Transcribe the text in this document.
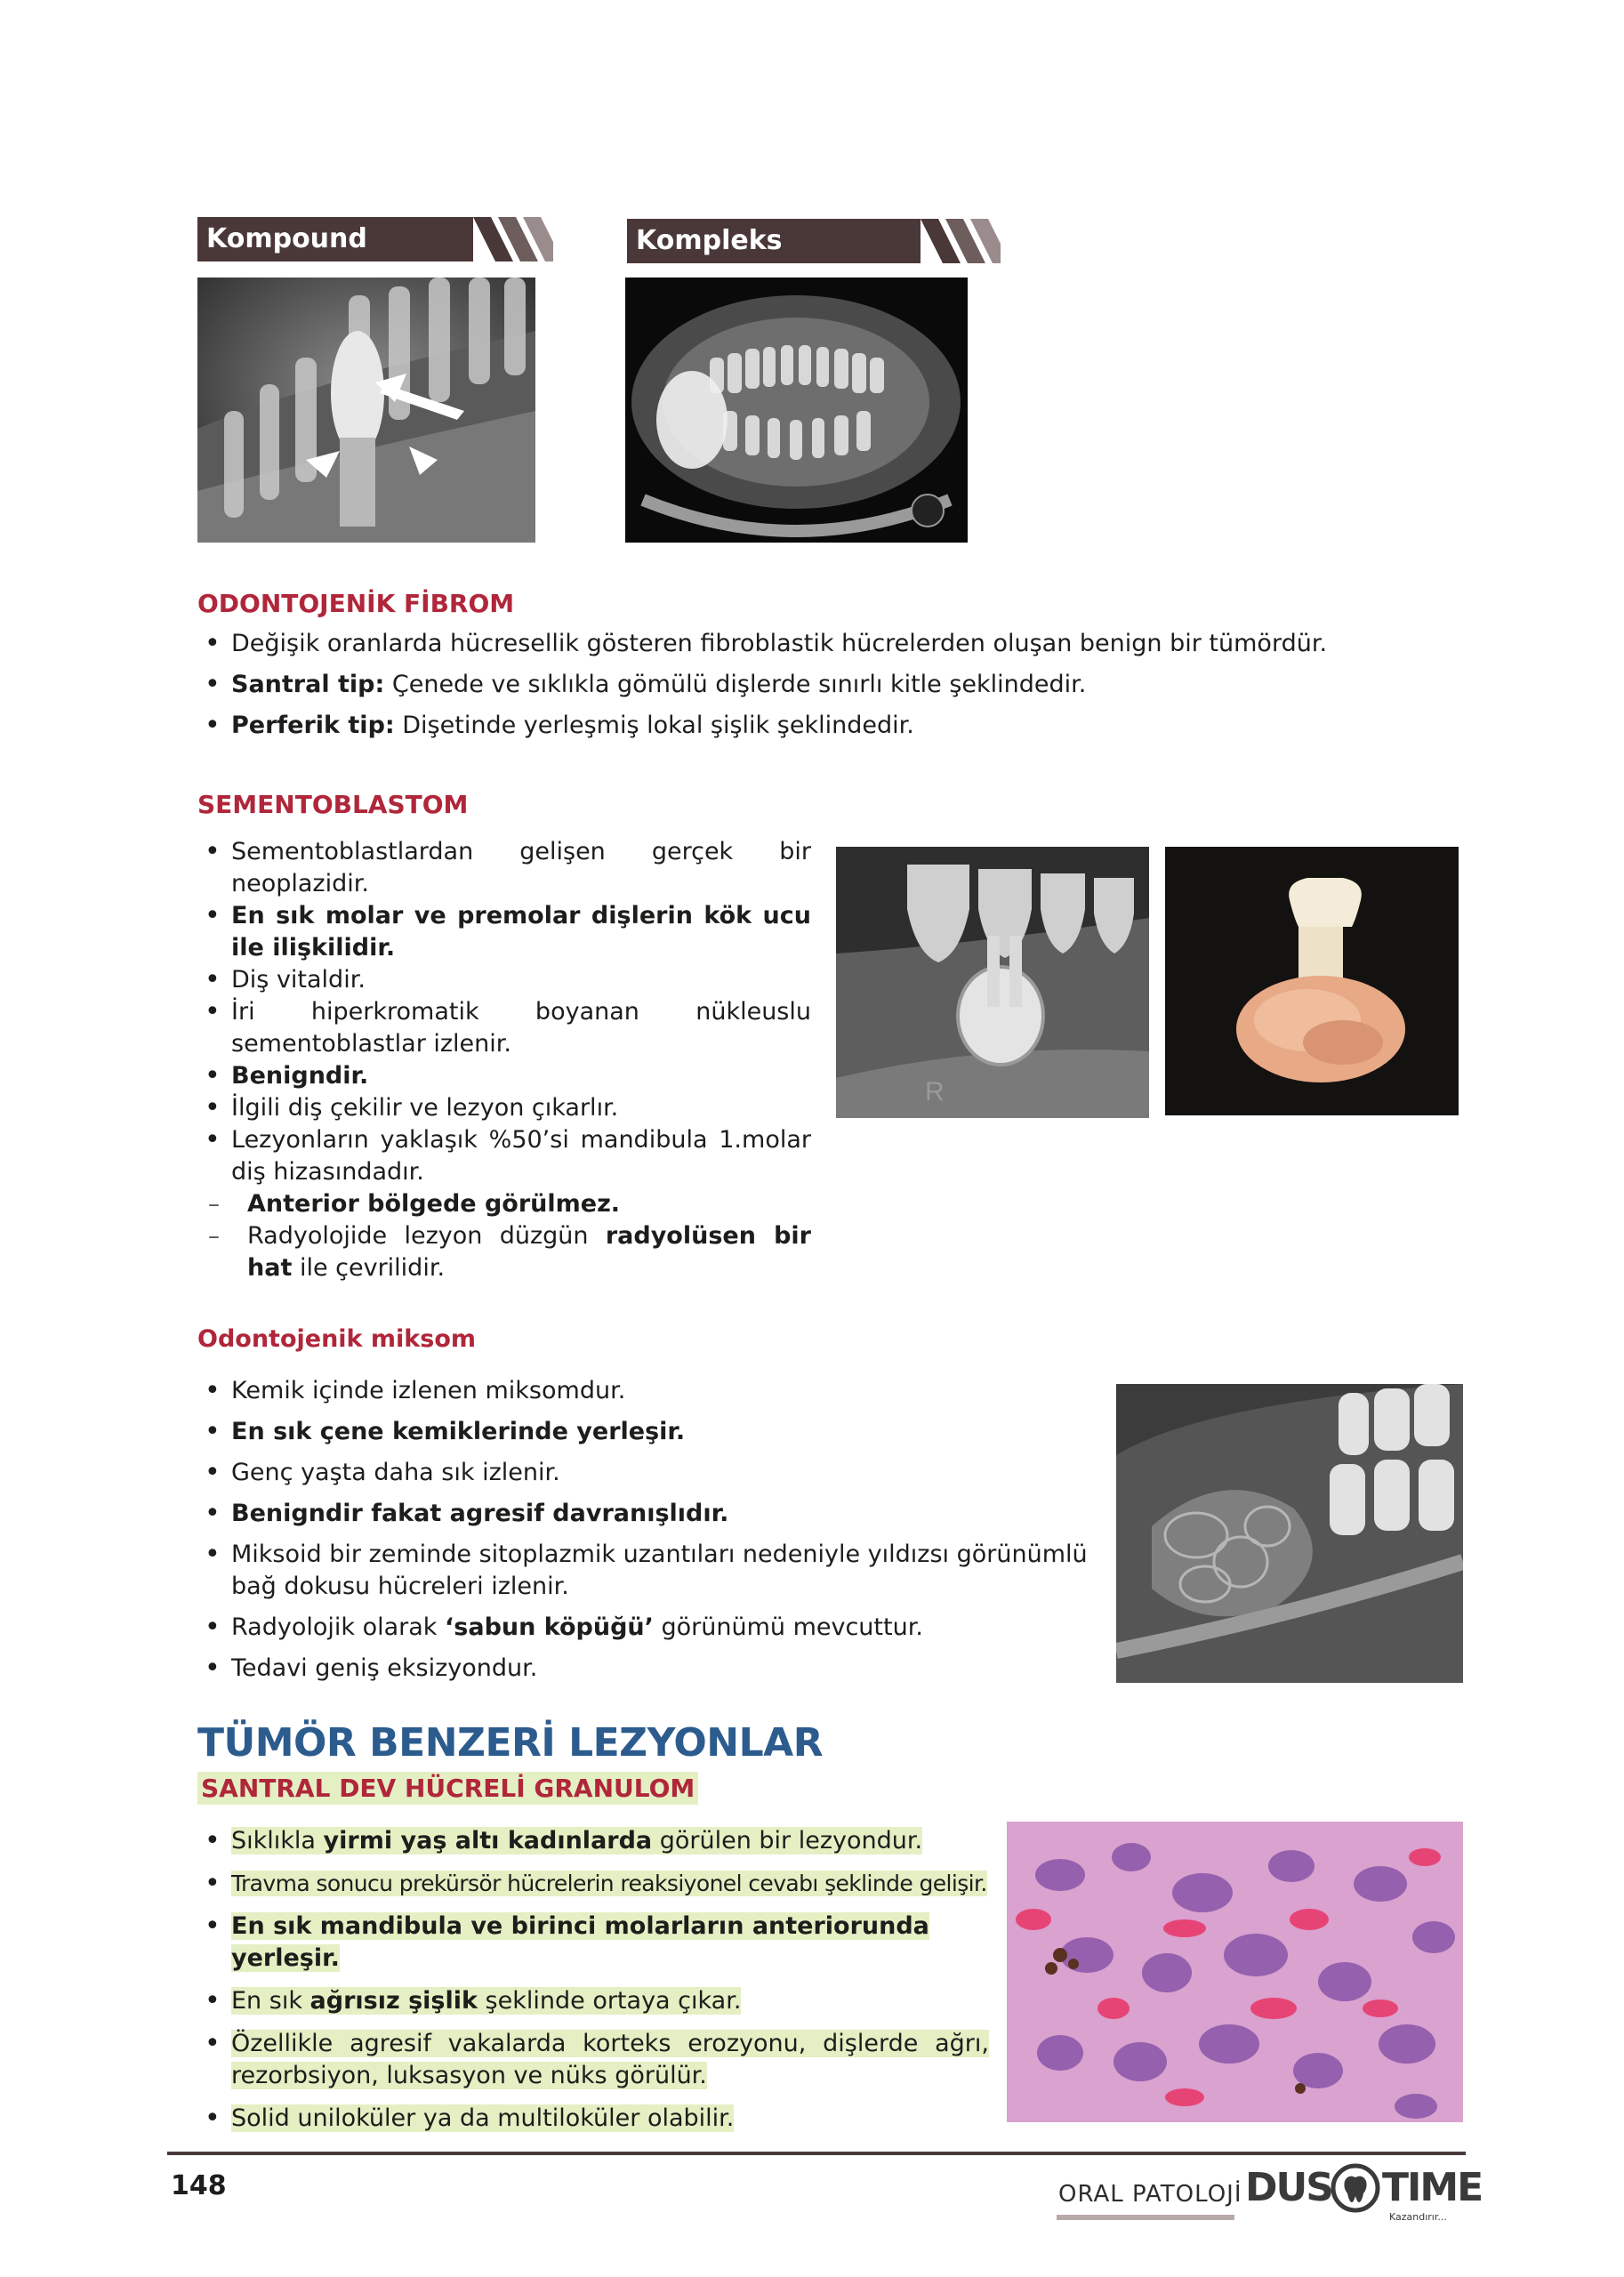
Kompound	Kompleks
ODONTOJENİK FİBROM
• Değişik oranlarda hücresellik gösteren fibroblastik hücrelerden oluşan benign bir tümördür.
• Santral tip: Çenede ve sıklıkla gömülü dişlerde sınırlı kitle şeklindedir.
• Perferik tip: Dişetinde yerleşmiş lokal şişlik şeklindedir.
SEMENTOBLASTOM
• Sementoblastlardan gelişen gerçek bir neoplazidir.
• En sık molar ve premolar dişlerin kök ucu ile ilişkilidir.
• Diş vitaldir.
• İri hiperkromatik boyanan nükleuslu sementoblastlar izlenir.
• Benigndir.
• İlgili diş çekilir ve lezyon çıkarlır.
• Lezyonların yaklaşık %50’si mandibula 1.molar diş hizasındadır.
– Anterior bölgede görülmez.
– Radyolojide lezyon düzgün radyolüsen bir hat ile çevrilidir.
R
Odontojenik miksom
• Kemik içinde izlenen miksomdur.
• En sık çene kemiklerinde yerleşir.
• Genç yaşta daha sık izlenir.
• Benigndir fakat agresif davranışlıdır.
• Miksoid bir zeminde sitoplazmik uzantıları nedeniyle yıldızsı görünümlü bağ dokusu hücreleri izlenir.
• Radyolojik olarak ‘sabun köpüğü’ görünümü mevcuttur.
• Tedavi geniş eksizyondur.
TÜMÖR BENZERİ LEZYONLAR
SANTRAL DEV HÜCRELİ GRANULOM
• Sıklıkla yirmi yaş altı kadınlarda görülen bir lezyondur.
• Travma sonucu prekürsör hücrelerin reaksiyonel cevabı şeklinde gelişir.
• En sık mandibula ve birinci molarların anteriorunda yerleşir.
• En sık ağrısız şişlik şeklinde ortaya çıkar.
• Özellikle agresif vakalarda korteks erozyonu, dişlerde ağrı, rezorbsiyon, luksasyon ve nüks görülür.
• Solid uniloküler ya da multiloküler olabilir.
148	ORAL PATOLOJİ DUS TIME
Kazandırır...
